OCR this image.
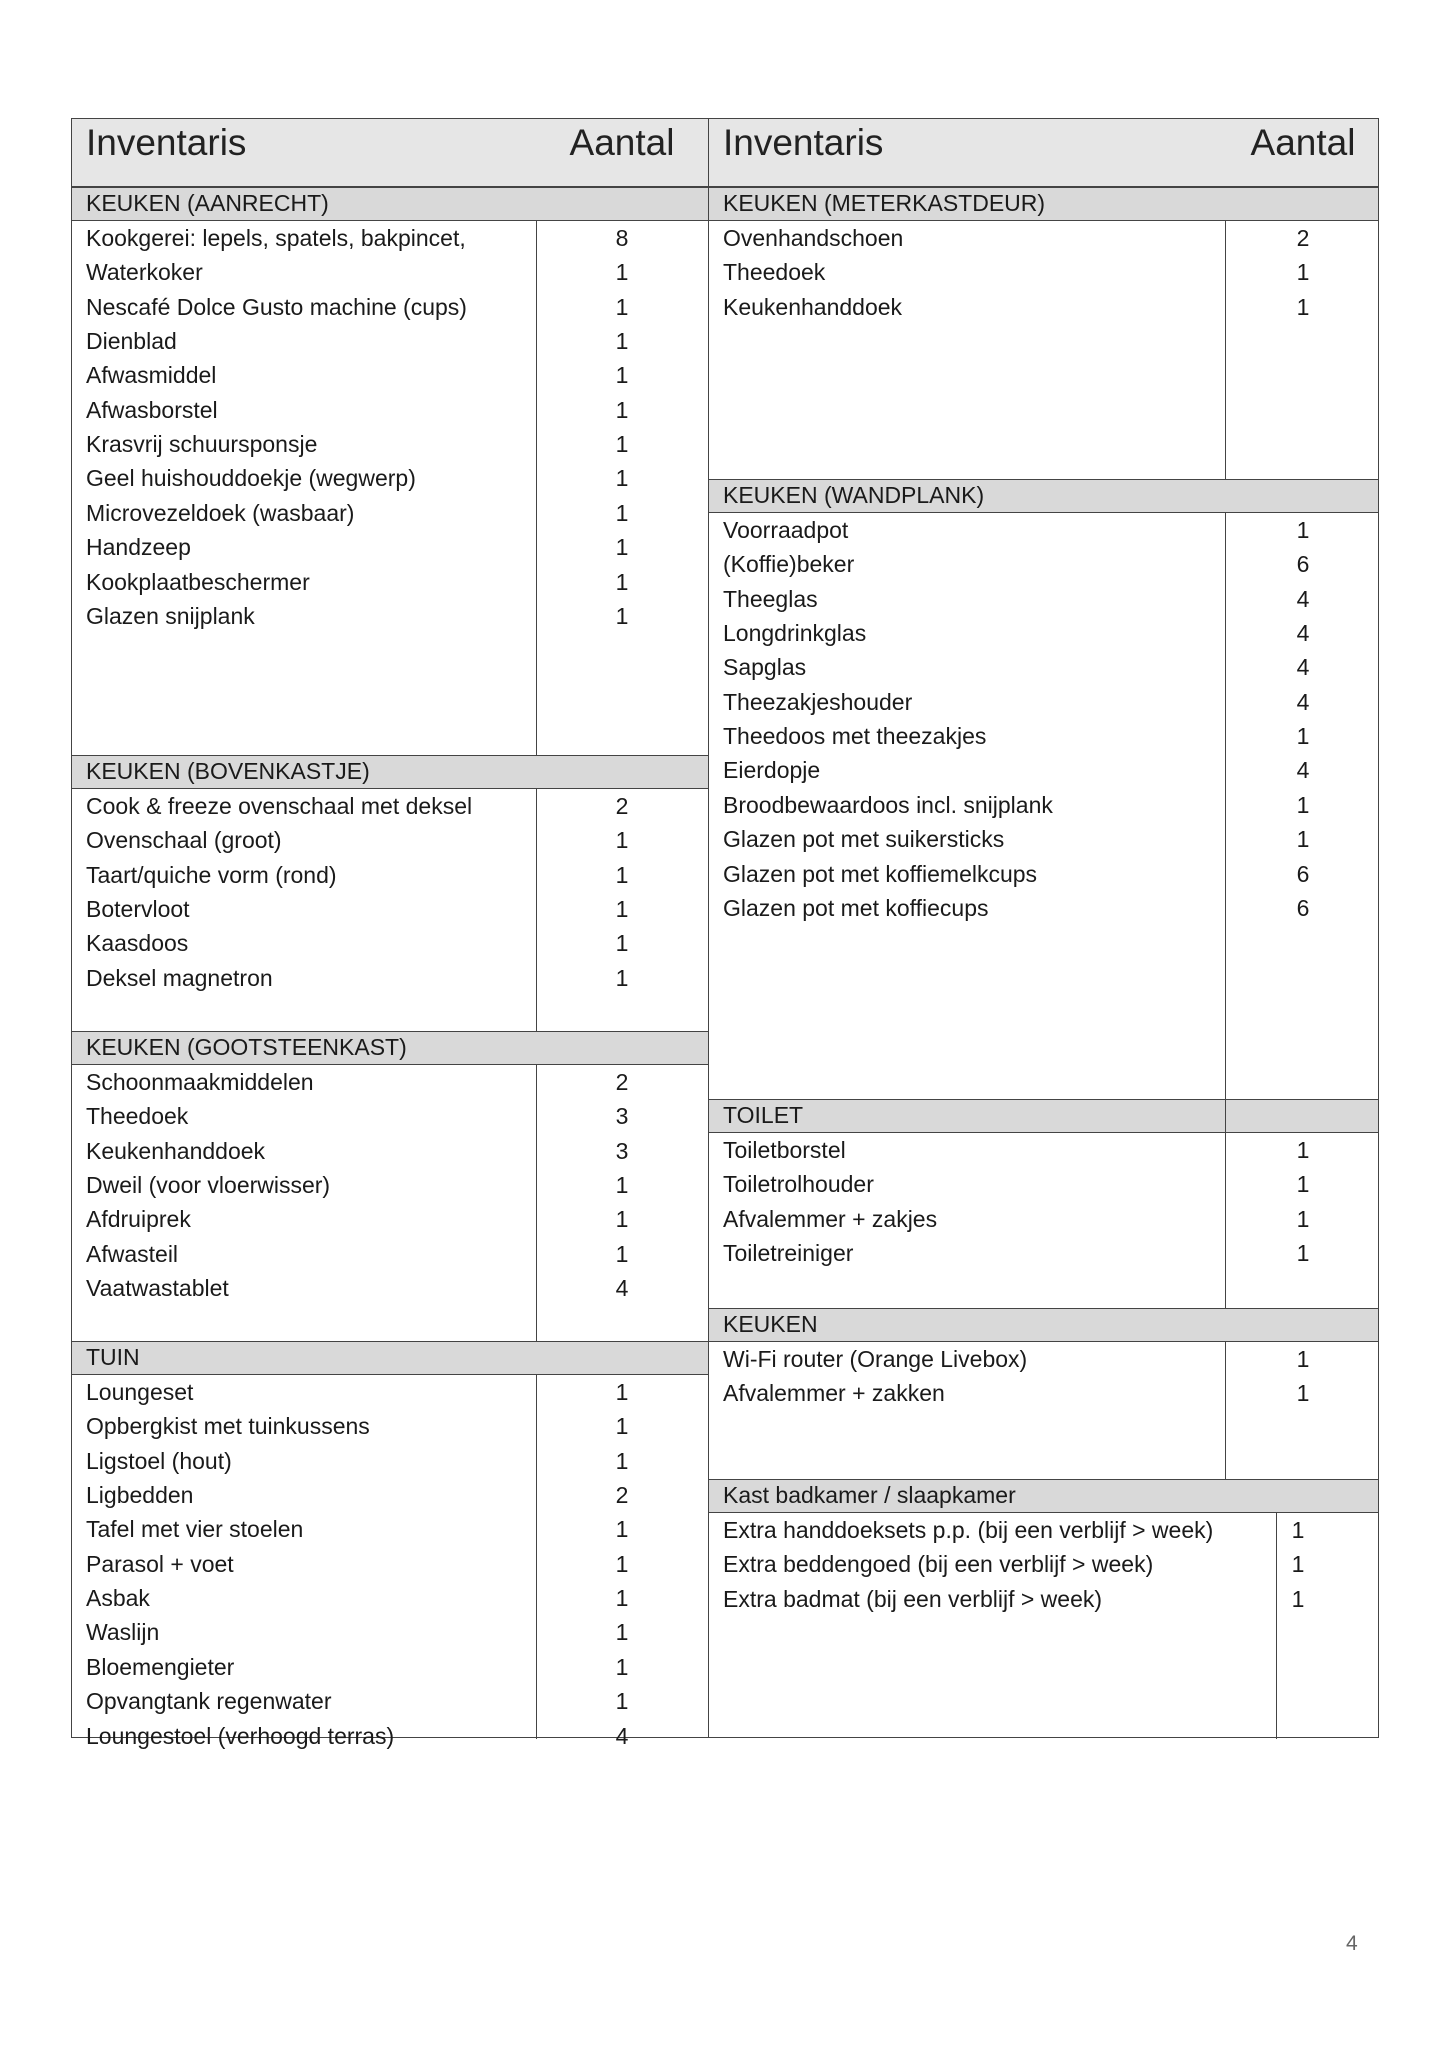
Inventaris	Aantal
KEUKEN (AANRECHT)
Kookgerei: lepels, spatels, bakpincet,	8
Waterkoker	1
Nescafé Dolce Gusto machine (cups)	1
Dienblad	1
Afwasmiddel	1
Afwasborstel	1
Krasvrij schuursponsje	1
Geel huishouddoekje (wegwerp)	1
Microvezeldoek (wasbaar)	1
Handzeep	1
Kookplaatbeschermer	1
Glazen snijplank	1
KEUKEN (BOVENKASTJE)
Cook & freeze ovenschaal met deksel	2
Ovenschaal (groot)	1
Taart/quiche vorm (rond)	1
Botervloot	1
Kaasdoos	1
Deksel magnetron	1
KEUKEN (GOOTSTEENKAST)
Schoonmaakmiddelen	2
Theedoek	3
Keukenhanddoek	3
Dweil (voor vloerwisser)	1
Afdruiprek	1
Afwasteil	1
Vaatwastablet	4
TUIN
Loungeset	1
Opbergkist met tuinkussens	1
Ligstoel (hout)	1
Ligbedden	2
Tafel met vier stoelen	1
Parasol + voet	1
Asbak	1
Waslijn	1
Bloemengieter	1
Opvangtank regenwater	1
Loungestoel (verhoogd terras)	4
Inventaris	Aantal
KEUKEN (METERKASTDEUR)
Ovenhandschoen	2
Theedoek	1
Keukenhanddoek	1
KEUKEN (WANDPLANK)
Voorraadpot	1
(Koffie)beker	6
Theeglas	4
Longdrinkglas	4
Sapglas	4
Theezakjeshouder	4
Theedoos met theezakjes	1
Eierdopje	4
Broodbewaardoos incl. snijplank	1
Glazen pot met suikersticks	1
Glazen pot met koffiemelkcups	6
Glazen pot met koffiecups	6
TOILET
Toiletborstel	1
Toiletrolhouder	1
Afvalemmer + zakjes	1
Toiletreiniger	1
KEUKEN
Wi-Fi router (Orange Livebox)	1
Afvalemmer + zakken	1
Kast badkamer / slaapkamer
Extra handdoeksets p.p. (bij een verblijf > week)	1
Extra beddengoed (bij een verblijf > week)	1
Extra badmat (bij een verblijf > week)	1
4
